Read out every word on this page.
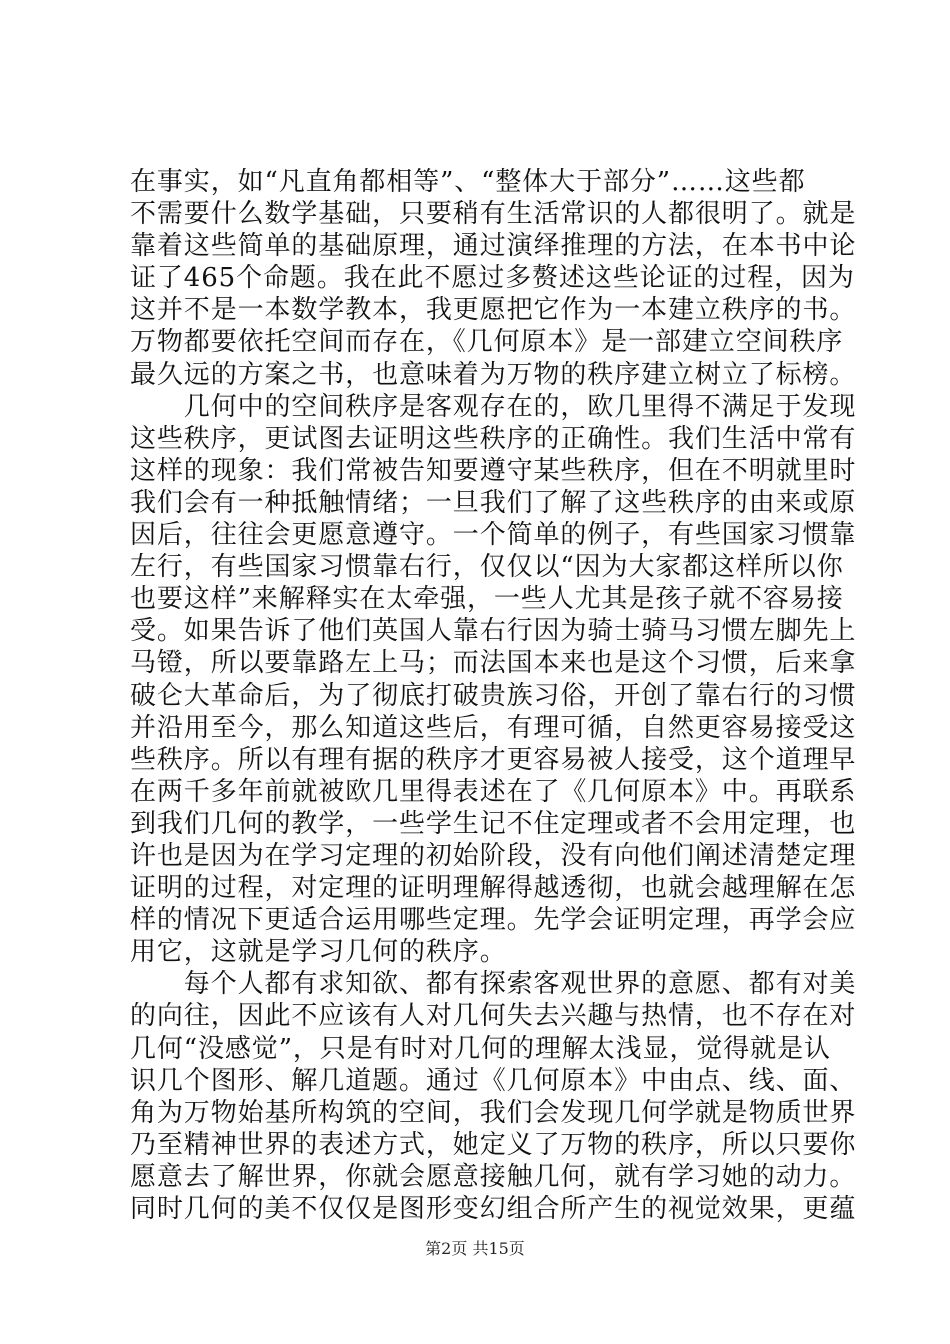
在事实，如“凡直角都相等”、“整体大于部分”……这些都
不需要什么数学基础，只要稍有生活常识的人都很明了。就是
靠着这些简单的基础原理，通过演绎推理的方法，在本书中论
证了465个命题。我在此不愿过多赘述这些论证的过程，因为
这并不是一本数学教本，我更愿把它作为一本建立秩序的书。
万物都要依托空间而存在，《几何原本》是一部建立空间秩序
最久远的方案之书，也意味着为万物的秩序建立树立了标榜。
　　几何中的空间秩序是客观存在的，欧几里得不满足于发现
这些秩序，更试图去证明这些秩序的正确性。我们生活中常有
这样的现象：我们常被告知要遵守某些秩序，但在不明就里时
我们会有一种抵触情绪；一旦我们了解了这些秩序的由来或原
因后，往往会更愿意遵守。一个简单的例子，有些国家习惯靠
左行，有些国家习惯靠右行，仅仅以“因为大家都这样所以你
也要这样”来解释实在太牵强，一些人尤其是孩子就不容易接
受。如果告诉了他们英国人靠右行因为骑士骑马习惯左脚先上
马镫，所以要靠路左上马；而法国本来也是这个习惯，后来拿
破仑大革命后，为了彻底打破贵族习俗，开创了靠右行的习惯
并沿用至今，那么知道这些后，有理可循，自然更容易接受这
些秩序。所以有理有据的秩序才更容易被人接受，这个道理早
在两千多年前就被欧几里得表述在了《几何原本》中。再联系
到我们几何的教学，一些学生记不住定理或者不会用定理，也
许也是因为在学习定理的初始阶段，没有向他们阐述清楚定理
证明的过程，对定理的证明理解得越透彻，也就会越理解在怎
样的情况下更适合运用哪些定理。先学会证明定理，再学会应
用它，这就是学习几何的秩序。
　　每个人都有求知欲、都有探索客观世界的意愿、都有对美
的向往，因此不应该有人对几何失去兴趣与热情，也不存在对
几何“没感觉”，只是有时对几何的理解太浅显，觉得就是认
识几个图形、解几道题。通过《几何原本》中由点、线、面、
角为万物始基所构筑的空间，我们会发现几何学就是物质世界
乃至精神世界的表述方式，她定义了万物的秩序，所以只要你
愿意去了解世界，你就会愿意接触几何，就有学习她的动力。
同时几何的美不仅仅是图形变幻组合所产生的视觉效果，更蕴
第2页 共15页
